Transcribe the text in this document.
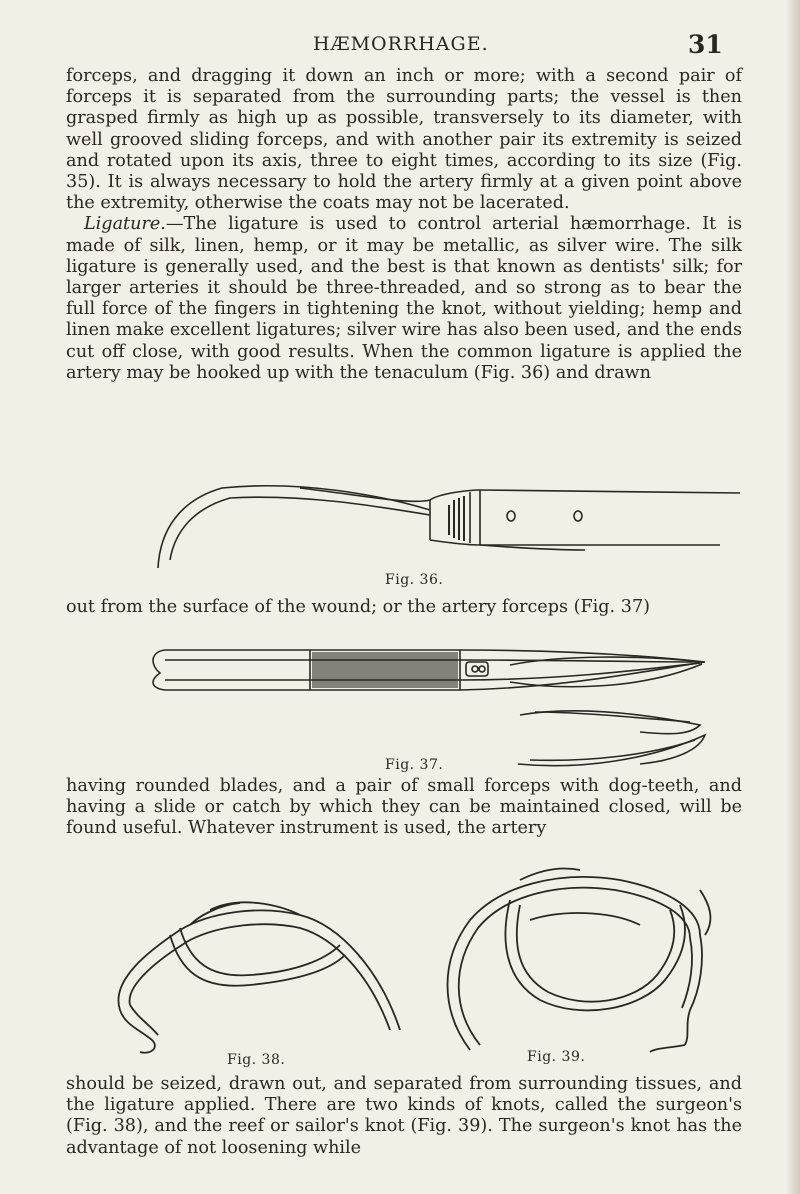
HÆMORRHAGE.	31

forceps, and dragging it down an inch or more; with a second pair of forceps it is separated from the surrounding parts; the vessel is then grasped firmly as high up as possible, transversely to its diameter, with well grooved sliding forceps, and with another pair its extremity is seized and rotated upon its axis, three to eight times, according to its size (Fig. 35). It is always necessary to hold the artery firmly at a given point above the extremity, otherwise the coats may not be lacerated.

Ligature.—The ligature is used to control arterial hæmorrhage. It is made of silk, linen, hemp, or it may be metallic, as silver wire. The silk ligature is generally used, and the best is that known as dentists' silk; for larger arteries it should be three-threaded, and so strong as to bear the full force of the fingers in tightening the knot, without yielding; hemp and linen make excellent ligatures; silver wire has also been used, and the ends cut off close, with good results. When the common ligature is applied the artery may be hooked up with the tenaculum (Fig. 36) and drawn

Fig. 36.

out from the surface of the wound; or the artery forceps (Fig. 37)

Fig. 37.

having rounded blades, and a pair of small forceps with dog-teeth, and having a slide or catch by which they can be maintained closed, will be found useful. Whatever instrument is used, the artery

Fig. 38.	Fig. 39.

should be seized, drawn out, and separated from surrounding tissues, and the ligature applied. There are two kinds of knots, called the surgeon's (Fig. 38), and the reef or sailor's knot (Fig. 39). The surgeon's knot has the advantage of not loosening while
